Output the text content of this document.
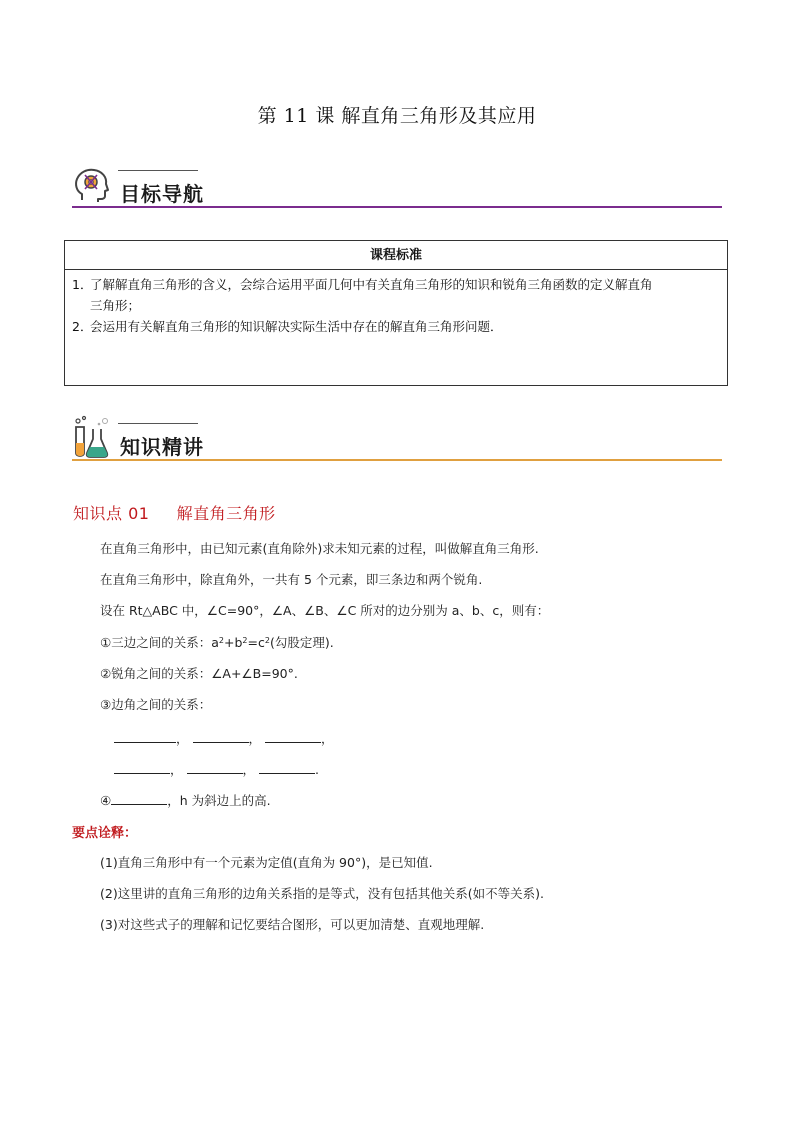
第 11 课 解直角三角形及其应用
目标导航
课程标准
1．
了解解直角三角形的含义，会综合运用平面几何中有关直角三角形的知识和锐角三角函数的定义解直角
三角形；
2．
会运用有关解直角三角形的知识解决实际生活中存在的解直角三角形问题．
知识精讲
知识点 01 解直角三角形
在直角三角形中，由已知元素(直角除外)求未知元素的过程，叫做解直角三角形.
在直角三角形中，除直角外，一共有 5 个元素，即三条边和两个锐角.
设在 Rt△ABC 中，∠C=90°，∠A、∠B、∠C 所对的边分别为 a、b、c，则有：
①三边之间的关系：$a^2+b^2=c^2$(勾股定理).
②锐角之间的关系：∠A+∠B=90°.
③边角之间的关系：
，	，	，
，	，	.
④	，h 为斜边上的高.
要点诠释：
(1)直角三角形中有一个元素为定值(直角为 90°)，是已知值.
(2)这里讲的直角三角形的边角关系指的是等式，没有包括其他关系(如不等关系).
(3)对这些式子的理解和记忆要结合图形，可以更加清楚、直观地理解.
